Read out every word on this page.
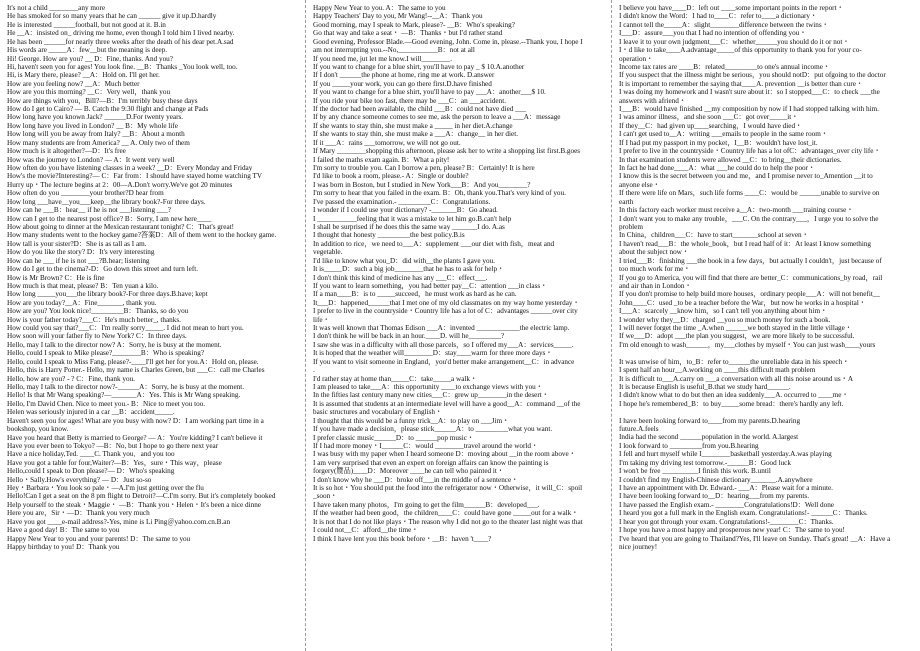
It's not a child ________any more
He has smoked for so many years that he can ______ give it up.D.hardly
He is interested ______football, but not good at it. B.in
He __A：insisted on_ driving me home, even though I told him I lived nearby.
He has been ______for nearly three weeks after the death of his dear pet.A.sad
His words are _____A：few__but the meaning is deep.
Hi! George. How are you? __ D：Fine, thanks. And you?
Hi, haven't seen you for ages! You look fine. __B：Thanks _You look well, too.
Hi, is Mary there, please? __A：Hold on. I'll get her.
How are you feeling now? __A：Much better
How are you this morning? __C：Very well，thank you
How are things with you，Bill?—B：I'm terribly busy these days
How do I get to Cairo? — B. Catch the 9:30 flight and change at Pads
How long have you known Jack? ______D.For twenty years.
How long have you lived in London? __ B：My whole life
How long will you be away from Italy? __B：About a month
How many students are from America? __ A. Only two of them
How much is it altogether?—D：It's free
How was the journey to London? — A：It went very well
How often do you have listening classes in a week? __D：Every Monday and Friday
How's the movie?Interesting?— C：Far from：I should have stayed home watching TV
Hurry up・The lecture begins at 2：00—A.Don't worry.We've got 20 minutes
How often do you ________your brother?D hear from
How long ___have__you___keep__the library book?-For three days.
How can he ___B：hear__ if he is not ___listening ___?
How can I get to the nearest post office? B：Sorry, I am new here____
How about going to dinner at the Mexican restaurant tonight? C：That's great!
How many students went to the hockey game?答案D：All of them went to the hockey game.
How tall is your sister?D：She is as tall as I am.
How do you like the story? D：It's very interesting
How can he ___ if he is not ___?B.hear; listening
How do I get to the cinema?-D：Go down this street and turn left.
How is Mr Brown? C：He is fine
How much is that meat, please? B：Ten yuan a kilo.
How long _____you___the library book?-For three days.B.have; kept
How are you today?__A：Fine_______, thank you.
How are you? You look nice!_________B：Thanks, so do you
How is your father today?___C：He's much better_, thanks.
How could you say that?___C：I'm really sorry_____. I did not mean to hurt you.
How soon will your father fly to New York? C：In three days.
Hello, may I talk to the director now? A：Sorry, he is busy at the moment.
Hello, could I speak to Mike please?________B：Who is speaking?
Hello, could I speak to Miss Fang, please?-____I'll get her for you.A：Hold on, please.
Hello, this is Harry Potter.- Hello, my name is Charles Green, but ___C：call me Charles
Hello, how are you? - ? C：Fine, thank you.
Hello, may I talk to the director now?-______A：Sorry, he is busy at the moment.
Hello! Is that Mr Wang speaking?—_______A：Yes. This is Mr Wang speaking.
Hello, I'm David Chen. Nice to meet you.- B：Nice to meet you too.
Helen was seriously injured in a car __B：accident_____.
Haven't seen you for ages! What are you busy with now? D：I am working part time in a
bookshop, you know.
Have you heard that Betty is married to George? — A：You're kidding? I can't believe it
Have you ever been to Tokyo? —B：No, but I hope to go there next year
Have a nice holiday,Ted. ____C. Thank you．and you too
Have you got a table for four,Waiter?—B：Yes，sure・This way，please
Hello,could I speak to Don please?— D：Who's speaking
Hello・Sally.How's everything? — D：Just so-so
Hey・Barbara・You look so pale・—A.I'm just getting over the flu
Hello!Can I get a seat on the 8 pm flight to Detroit?—C.I'm sorry. But it's completely booked
Help yourself to the steak・Maggie・ —B：Thank you・Helen・It's been a nice dinne
Here you are，Sir・—D：Thank you very much
Have you got ____e-mail address?-Yes, mine is Li Ping＠yahoo.com.cn.B.an
Have a good day! B：The same to you
Happy New Year to you and your parents! D：The same to you
Happy birthday to you! D：Thank you
Happy New Year to you. A：The same to you
Happy Teachers' Day to you, Mr Wang!--__A：Thank you
Good morning, may I speak to Mark, please?- __B：Who's speaking?
Go that way and take a seat・ —B：Thanks・but I'd rather stand
Good evening, Professor Blade.—Good evening, John. Come in, please.--Thank you, I hope I
am not interrupting you.--No,___________B：not at all
If you need me, jut let me know.I will________.
If you want to change for a blue shirt, you'll have to pay _ $ 10.A.another
If I don't ______the phone at home, ring me at work. D.answer
If you _____your work, you can go there first.D.have finished
If you want to change for a blue shirt, you'll have to pay ___A：another___$ 10.
If you ride your bike too fast, there may be ___C：an ___accident.
If the doctor had been available, the child ___B：could not have died ___
If by any chance someone comes to see me, ask the person to leave a ___A：message
If she wants to stay thin, she must make a _____ in her diet.A.change
If she wants to stay thin, she must make a ___A：change__ in her diet.
If it ___A：rains ___tomorrow, we will not go out.
If Mary ________shopping this afternoon, please ask her to write a shopping list first.B.goes
I failed the maths exam again. B：What a pity!
I'm sorry to trouble you. Can I borrow a pen, please? B：Certainly! It is here
I'd like to book a room, please.- A：Single or double?
I was born in Boston, but I studied in New York___B：And you________?
I'm sorry to hear that you failed in the exam. B：Oh, thank you.That's very kind of you.
I've passed the examination.- _________C：Congratulations.
I wonder if I could use your dictionary? -_______B：Go ahead.
I ___________feeling that it was a mistake to let him go.B.can't help
I shall be surprised if he does this the same way _______I do. A.as
I thought that honesty _________the best policy.B.is
In addition to rice，we need to___A：supplement ___our diet with fish，meat and
vegetable.
I'd like to know what you_D：did with__the plants I gave you.
It is_____D：such a big job________that he has to ask for help・
I don't think this kind of medicine has any ___C：effect___.
If you want to learn something，you had better pay__C：attention ___in class・
If a man____B：is to _____succeed，he must work as hard as he can.
It___D：happened______that I met one of my old classmates on my way home yesterday・
I prefer to live in the countryside・Country life has a lot of C：advantages ______over city
life・
It was well known that Thomas Edison ___A：invented ____________the electric lamp.
I don't think he will be back in an hour.____D. will he_________?
I saw she was in a difficulty with all those parcels，so I offered my___A：services_____.
It is hoped that the weather will________D：stay____warm for three more days・
If you want to visit someone in England，you'd better make arrangement__C：in advance
.
I'd rather stay at home than_____C：take_____a walk・
I am pleased to take___A：this opportunity ____to exchange views with you・
In the fifties last century many new cities___C：grew up________in the desert・
It is assumed that students at an intermediate level will have a good__A：command __of the
basic structures and vocabulary of English・
I thought that this would be a funny trick__A：to play on ___Jim・
If you have made a decision，please stick______A：to _________what you want.
I prefer classic music______D：to ______pop music・
If I had more money・I______C：would ________travel around the world・
I was busy with my paper when I heard someone D：moving about __in the room above・
I am very surprised that even an expert on foreign affairs can know the painting is
forgery(赝品)____D：Moreover ____he can tell who painted it・
I don't know why he ___D：broke off___in the middle of a sentence・
It is so hot・You should put the food into the refrigerator now・Otherwise，it will_C：spoil
_soon・
I have taken many photos，I'm going to get the film______B：developed___.
If the weather had been good，the children____C：could have gone _____out for a walk・
It is not that I do not like plays・The reason why I did not go to the theater last night was that
I could not__C：afford__the time・
I think I have lent you this book before・__B：haven 't____?
I believe you have____D：left out ____some important points in the report・
I didn't know the Word：I had to____C：refer to____a dictionary・
I cannot tell the_____A：slight________difference between the twins・
I___D：assure___you that I had no intention of offending you・
I leave it to your own judgment___C：whether______you should do it or not・
I・d like to take____A.advantage_____of this opportunity to thank you for your co-
operation・
Income tax rates are ____B：related_________to one's annual income・
If you suspect that the illness might be serious，you should notD：put ofgoing to the doctor
It is important to remember the saying that____A. prevention __is better than cure・
I was doing my homework and I wasn't sure about it：so I stopped___C：to check ___the
answers with afriend・
I___B：would have finished __my composition by now if I had stopped talking with him.
I was aminor illness，and she soon ___C：got over_____it・
If they__C：had given up____searching，I would have died・
I can't get used to__A：writing ___emails to people in the same room・
If I had put my passport in my pocket，I__B：wouldn't have lost_it.
I prefer to live in the countryside・Country life has a lot ofC：advantages_over city life・
In that examination students were allowed __C：to bring__their dictionaries.
In fact he had done____A：what ___he could do to help the poor・
I know this is the secret between you and me，and I promise never to_Amention __it to
anyone else・
If there were life on Mars，such life forms ____C：would be ______unable to survive on
earth
In this factory each worker must receive a__A：two-month ___training course・
I don't want you to make any trouble，___C. On the contrary___，I urge you to solve the
problem
In China，children___C：have to start_______school at seven・
I haven't read___B：the whole_book，but I read half of it：At least I know something
about the subject now・
I tried___B：finishing ___the book in a few days，but actually I couldn't，just because of
too much work for me・
If you go to America, you will find that there are better_C：communications_by road，rail
and air than in London・
If you don't promise to help build more houses，ordinary people___A：will not benefit__
John____C：used _to be a teacher before the War，but now he works in a hospital・
I___A：scarcely __know him，so I can't tell you anything about him・
I wonder why they__D：charged __you so much money for such a book.
I will never forget the time _A.when ______we both stayed in the little village・
If we___D：adopt ___the plan you suggest，we are more likely to be successful.
I'm old enough to wash______，my___clothes by myself・You can just wash____yours
It was unwise of him，to_B：refer to______the unreliable data in his speech・
I spent half an hour__A.working on ____this difficult math problem
It is difficult to___A.carry on ___a conversation with all this noise around us・A
It is because English is useful_B.that we study hard______.
I didn't know what to do but then an idea suddenly___A. occurred to ____me・
I hope he's remembered_B：to buy_____some bread：there's hardly any left.
I have been looking forward to____from my parents.D.hearing
future.A.feels
India had the second ______population in the world. A.largest
I look forward to _________from you.B.hearing
I fell and hurt myself while I________basketball yesterday.A.was playing
I'm taking my driving test tomorrow.-______B：Good luck
I won't be free __________I finish this work. B.until
I couldn't find my English-Chinese dictionary_______.A.anywhere
I have an appointment with Dr. Edward.- ___A：Please wait for a minute.
I have been looking forward to__D：hearing___from my parents.
I have passed the English exam.- ________Congratulations!D：Well done
I heard you got a full mark in the English exam. Congratulations!- ______C：Thanks.
I hear you got through your exam. Congratulations!-________C：Thanks.
I hope you have a most happy and prosperous new year! C：The same to you!
I've heard that you are going to Thailand?Yes, I'll leave on Sunday. That's great! __A：Have a
nice journey!
